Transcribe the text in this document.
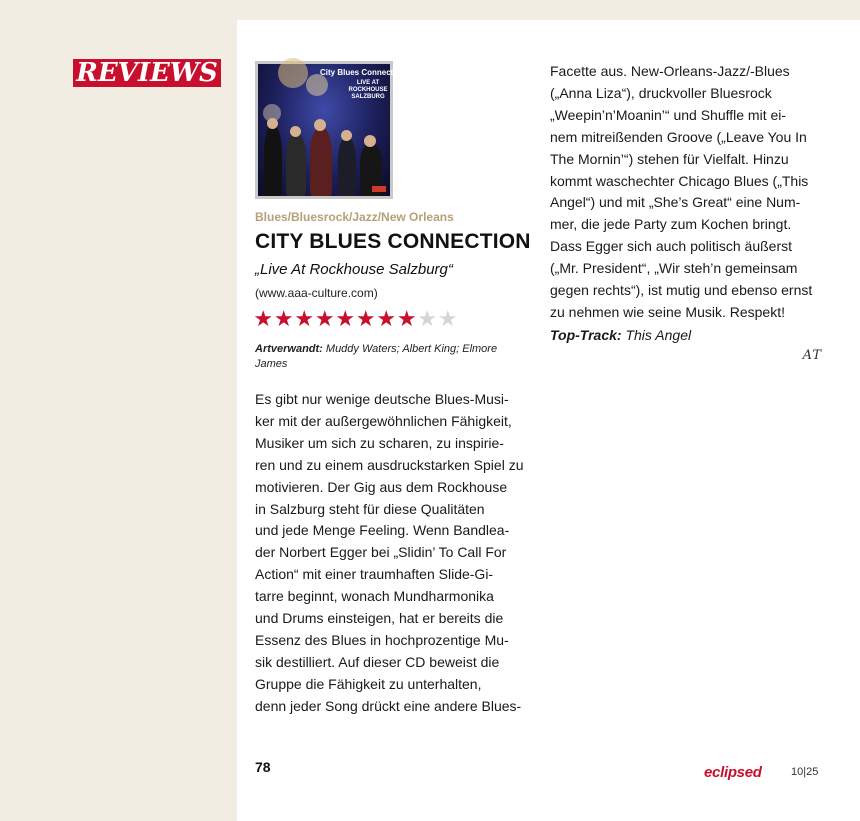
REVIEWS	City Blues Connection
LIVE AT
ROCKHOUSE
SALZBURG
Blues/Bluesrock/Jazz/New Orleans
CITY BLUES CONNECTION
„Live At Rockhouse Salzburg“
(www.aaa-culture.com)
★ ★ ★ ★ ★ ★ ★ ★ ★ ★
Artverwandt: Muddy Waters; Albert King; Elmore
James
Es gibt nur wenige deutsche Blues-Musi-
ker mit der außergewöhnlichen Fähigkeit,
Musiker um sich zu scharen, zu inspirie-
ren und zu einem ausdruckstarken Spiel zu
motivieren. Der Gig aus dem Rockhouse
in Salzburg steht für diese Qualitäten
und jede Menge Feeling. Wenn Bandlea-
der Norbert Egger bei „Slidin’ To Call For
Action“ mit einer traumhaften Slide-Gi-
tarre beginnt, wonach Mundharmonika
und Drums einsteigen, hat er bereits die
Essenz des Blues in hochprozentige Mu-
sik destilliert. Auf dieser CD beweist die
Gruppe die Fähigkeit zu unterhalten,
denn jeder Song drückt eine andere Blues-
Facette aus. New-Orleans-Jazz/-Blues
(„Anna Liza“), druckvoller Bluesrock
„Weepin’n’Moanin’“ und Shuffle mit ei-
nem mitreißenden Groove („Leave You In
The Mornin’“) stehen für Vielfalt. Hinzu
kommt waschechter Chicago Blues („This
Angel“) und mit „She’s Great“ eine Num-
mer, die jede Party zum Kochen bringt.
Dass Egger sich auch politisch äußerst
(„Mr. President“, „Wir steh’n gemeinsam
gegen rechts“), ist mutig und ebenso ernst
zu nehmen wie seine Musik. Respekt!
Top-Track: This Angel
AT
78	eclipsed	10|25
